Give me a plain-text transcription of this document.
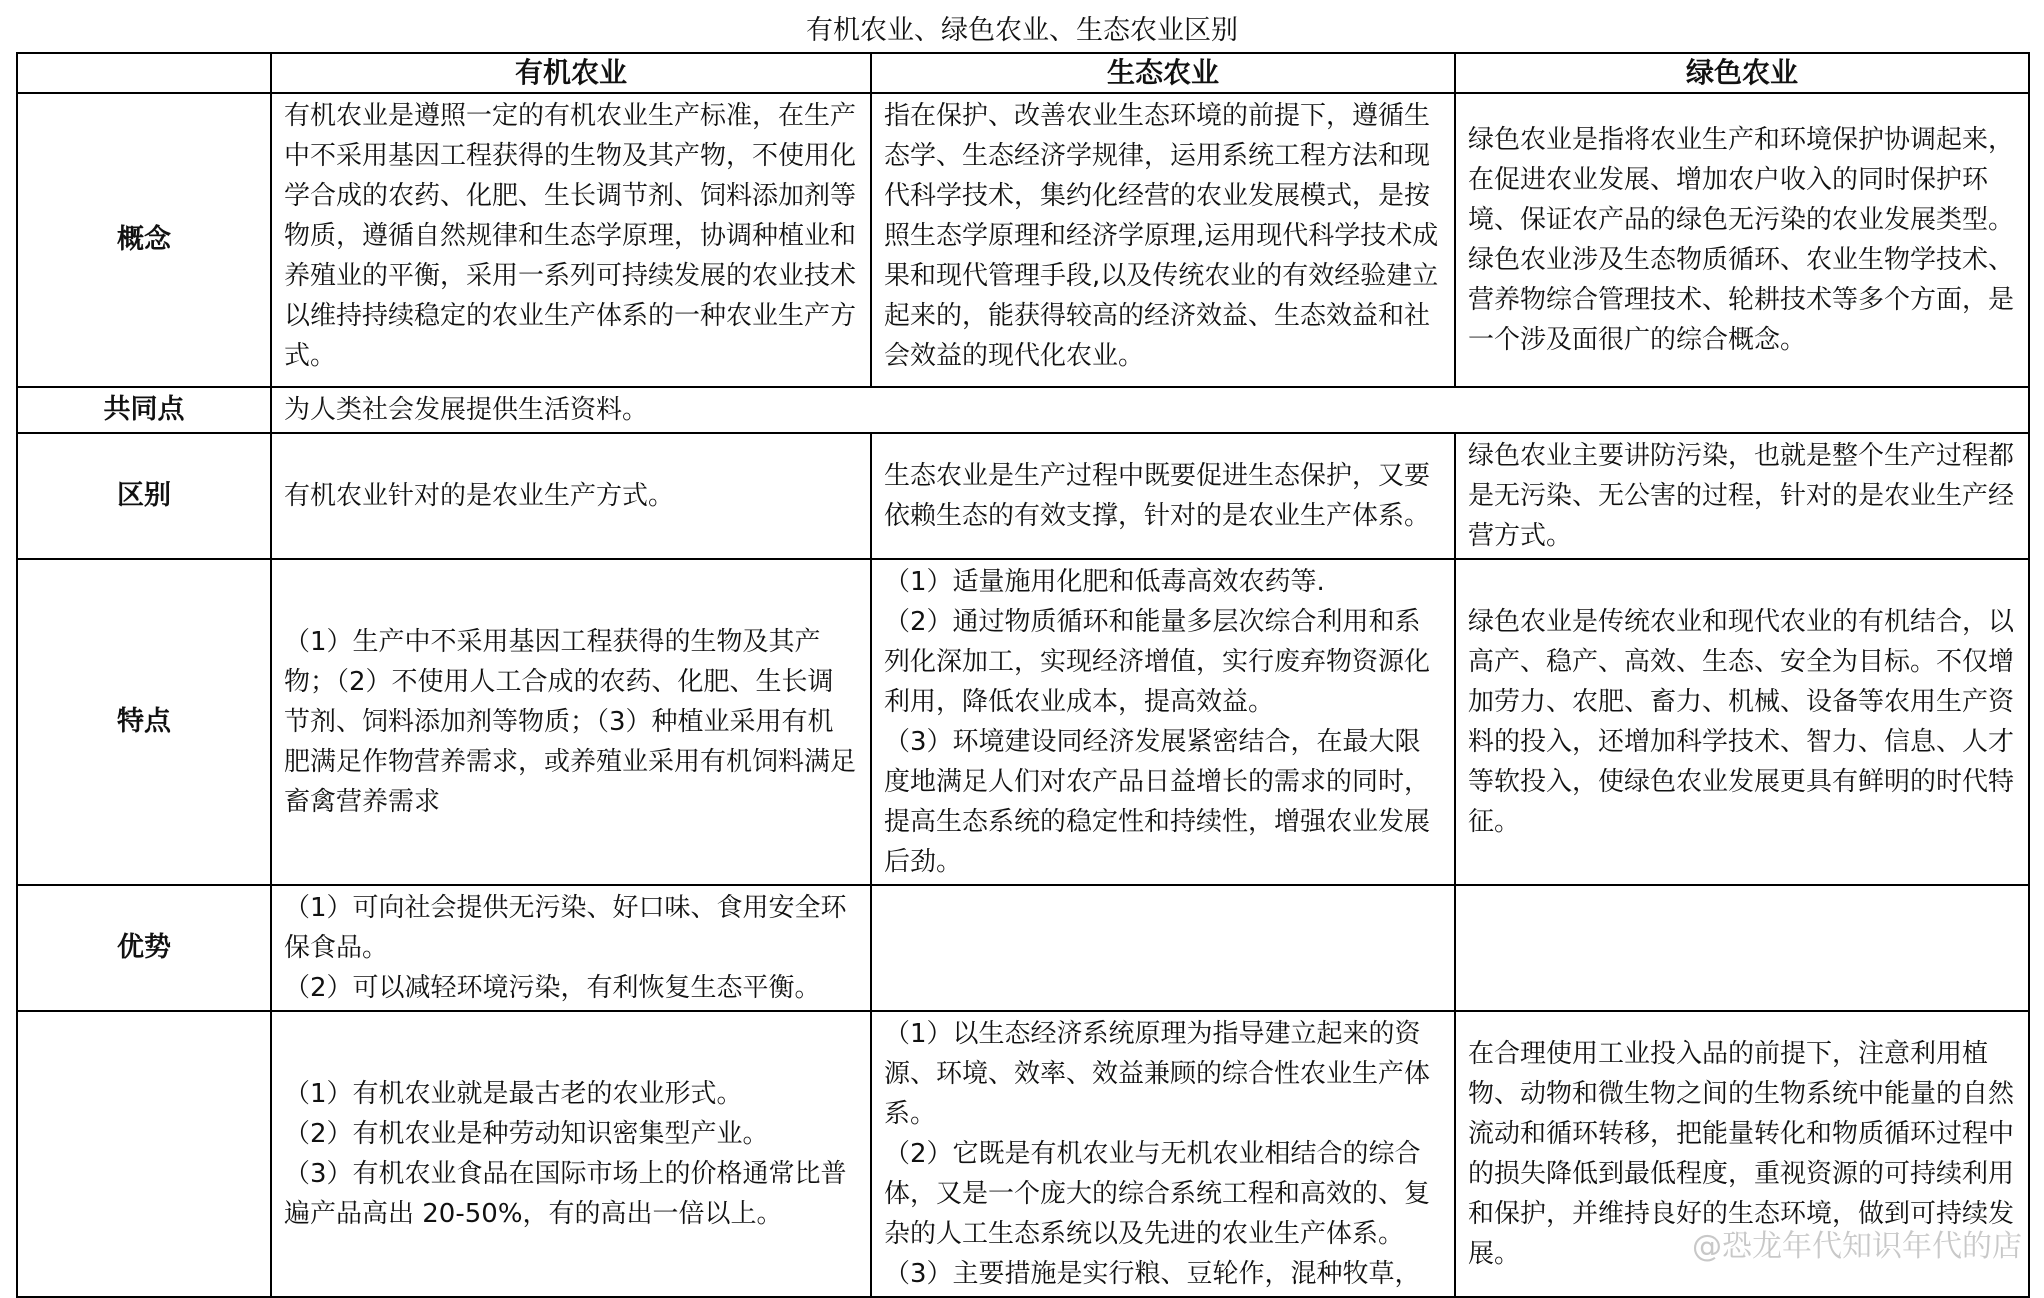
有机农业、绿色农业、生态农业区别
	有机农业	生态农业	绿色农业
概念	有机农业是遵照一定的有机农业生产标准，在生产中不采用基因工程获得的生物及其产物，不使用化学合成的农药、化肥、生长调节剂、饲料添加剂等物质，遵循自然规律和生态学原理，协调种植业和养殖业的平衡，采用一系列可持续发展的农业技术以维持持续稳定的农业生产体系的一种农业生产方式。	指在保护、改善农业生态环境的前提下，遵循生态学、生态经济学规律，运用系统工程方法和现代科学技术，集约化经营的农业发展模式，是按照生态学原理和经济学原理,运用现代科学技术成果和现代管理手段,以及传统农业的有效经验建立起来的，能获得较高的经济效益、生态效益和社会效益的现代化农业。	绿色农业是指将农业生产和环境保护协调起来，在促进农业发展、增加农户收入的同时保护环境、保证农产品的绿色无污染的农业发展类型。绿色农业涉及生态物质循环、农业生物学技术、营养物综合管理技术、轮耕技术等多个方面，是一个涉及面很广的综合概念。
共同点	为人类社会发展提供生活资料。		
区别	有机农业针对的是农业生产方式。	生态农业是生产过程中既要促进生态保护，又要依赖生态的有效支撑，针对的是农业生产体系。	绿色农业主要讲防污染，也就是整个生产过程都是无污染、无公害的过程，针对的是农业生产经营方式。
特点	（1）生产中不采用基因工程获得的生物及其产物；（2）不使用人工合成的农药、化肥、生长调节剂、饲料添加剂等物质；（3）种植业采用有机肥满足作物营养需求，或养殖业采用有机饲料满足畜禽营养需求	（1）适量施用化肥和低毒高效农药等.
（2）通过物质循环和能量多层次综合利用和系列化深加工，实现经济增值，实行废弃物资源化利用，降低农业成本，提高效益。
（3）环境建设同经济发展紧密结合，在最大限度地满足人们对农产品日益增长的需求的同时，提高生态系统的稳定性和持续性，增强农业发展后劲。	绿色农业是传统农业和现代农业的有机结合，以高产、稳产、高效、生态、安全为目标。不仅增加劳力、农肥、畜力、机械、设备等农用生产资料的投入，还增加科学技术、智力、信息、人才等软投入，使绿色农业发展更具有鲜明的时代特征。
优势	（1）可向社会提供无污染、好口味、食用安全环保食品。
（2）可以减轻环境污染，有利恢复生态平衡。		

	（1）有机农业就是最古老的农业形式。
（2）有机农业是种劳动知识密集型产业。
（3）有机农业食品在国际市场上的价格通常比普遍产品高出 20-50%，有的高出一倍以上。	（1）以生态经济系统原理为指导建立起来的资源、环境、效率、效益兼顾的综合性农业生产体系。
（2）它既是有机农业与无机农业相结合的综合体，又是一个庞大的综合系统工程和高效的、复杂的人工生态系统以及先进的农业生产体系。
（3）主要措施是实行粮、豆轮作，混种牧草，	在合理使用工业投入品的前提下，注意利用植物、动物和微生物之间的生物系统中能量的自然流动和循环转移，把能量转化和物质循环过程中的损失降低到最低程度，重视资源的可持续利用和保护，并维持良好的生态环境，做到可持续发展。	@恐龙年代知识年代的店
